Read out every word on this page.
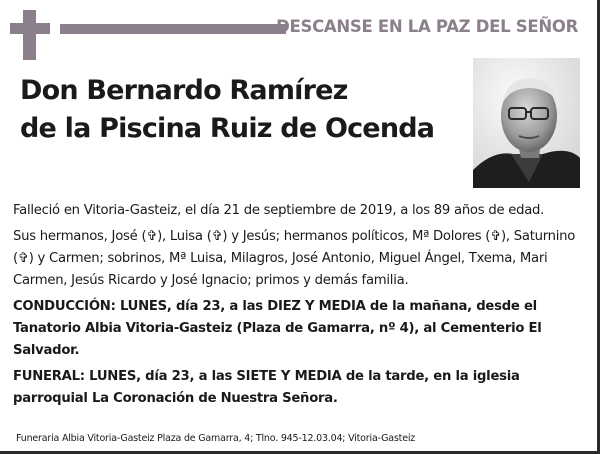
DESCANSE EN LA PAZ DEL SEÑOR
Don Bernardo Ramírez
de la Piscina Ruiz de Ocenda

Falleció en Vitoria-Gasteiz, el día 21 de septiembre de 2019, a los 89 años de edad.

Sus hermanos, José (✞), Luisa (✞) y Jesús; hermanos políticos, Mª Dolores (✞), Saturnino (✞) y Carmen; sobrinos, Mª Luisa, Milagros, José Antonio, Miguel Ángel, Txema, Mari Carmen, Jesús Ricardo y José Ignacio; primos y demás familia.

CONDUCCIÓN: LUNES, día 23, a las DIEZ Y MEDIA de la mañana, desde el Tanatorio Albia Vitoria-Gasteiz (Plaza de Gamarra, nº 4), al Cementerio El Salvador.

FUNERAL: LUNES, día 23, a las SIETE Y MEDIA de la tarde, en la iglesia parroquial La Coronación de Nuestra Señora.

Funeraria Albia Vitoria-Gasteiz Plaza de Gamarra, 4; Tlno. 945-12.03.04; Vitoria-Gasteiz
